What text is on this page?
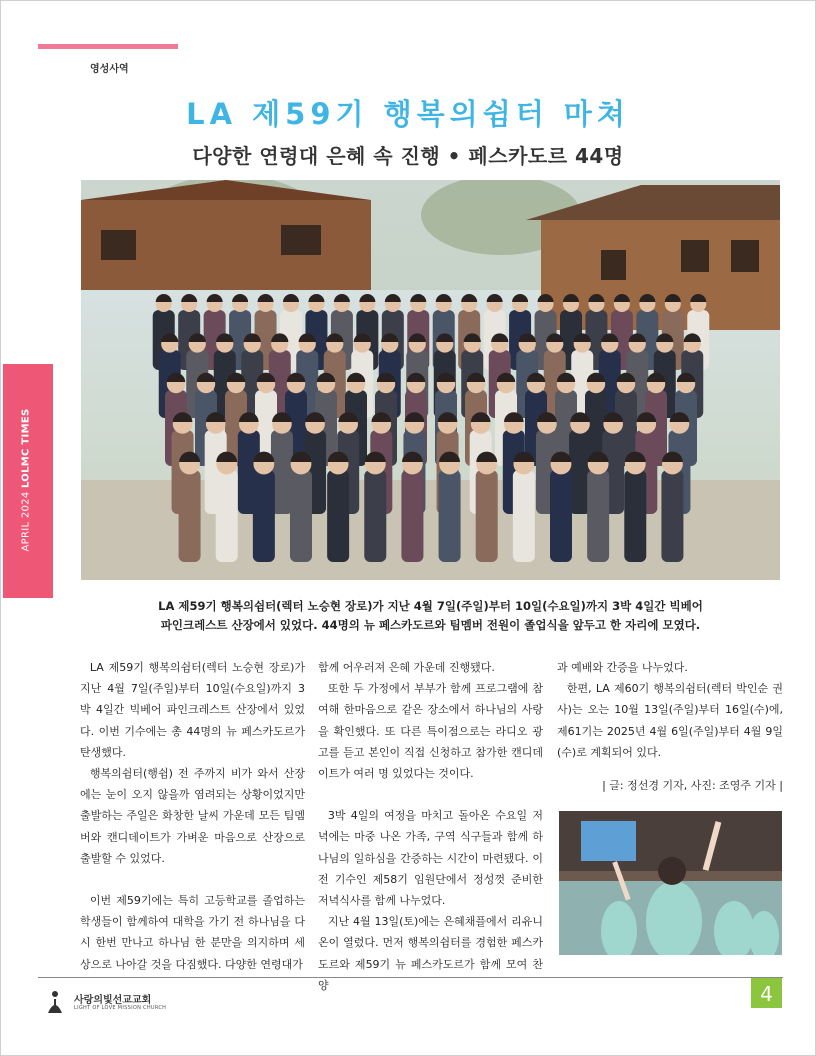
영성사역
APRIL 2024 LOLMC TIMES
LA 제59기 행복의쉼터 마쳐
다양한 연령대 은혜 속 진행 • 페스카도르 44명
LA 제59기 행복의쉼터(렉터 노승현 장로)가 지난 4월 7일(주일)부터 10일(수요일)까지 3박 4일간 빅베어
파인크레스트 산장에서 있었다. 44명의 뉴 페스카도르와 팀멤버 전원이 졸업식을 앞두고 한 자리에 모였다.

LA 제59기 행복의쉼터(렉터 노승현 장로)가 지난 4월 7일(주일)부터 10일(수요일)까지 3박 4일간 빅베어 파인크레스트 산장에서 있었다. 이번 기수에는 총 44명의 뉴 페스카도르가 탄생했다.

행복의쉼터(행쉼) 전 주까지 비가 와서 산장에는 눈이 오지 않을까 염려되는 상황이었지만 출발하는 주일은 화창한 날씨 가운데 모든 팀멤버와 캔디데이트가 가벼운 마음으로 산장으로 출발할 수 있었다.

이번 제59기에는 특히 고등학교를 졸업하는 학생들이 함께하여 대학을 가기 전 하나님을 다시 한번 만나고 하나님 한 분만을 의지하며 세상으로 나아갈 것을 다짐했다. 다양한 연령대가

함께 어우러져 은혜 가운데 진행됐다.

또한 두 가정에서 부부가 함께 프로그램에 참여해 한마음으로 같은 장소에서 하나님의 사랑을 확인했다. 또 다른 특이점으로는 라디오 광고를 듣고 본인이 직접 신청하고 참가한 캔디데이트가 여러 명 있었다는 것이다.

3박 4일의 여정을 마치고 돌아온 수요일 저녁에는 마중 나온 가족, 구역 식구들과 함께 하나님의 일하심을 간증하는 시간이 마련됐다. 이전 기수인 제58기 임원단에서 정성껏 준비한 저녁식사를 함께 나누었다.

지난 4월 13일(토)에는 은혜채플에서 리유니온이 열렸다. 먼저 행복의쉼터를 경험한 페스카도르와 제59기 뉴 페스카도르가 함께 모여 찬양

과 예배와 간증을 나누었다.

한편, LA 제60기 행복의쉼터(렉터 박인순 권사)는 오는 10월 13일(주일)부터 16일(수)에, 제61기는 2025년 4월 6일(주일)부터 4월 9일(수)로 계획되어 있다.

| 글: 정선경 기자, 사진: 조영주 기자 |
사랑의빛선교교회
LIGHT OF LOVE MISSION CHURCH
4
